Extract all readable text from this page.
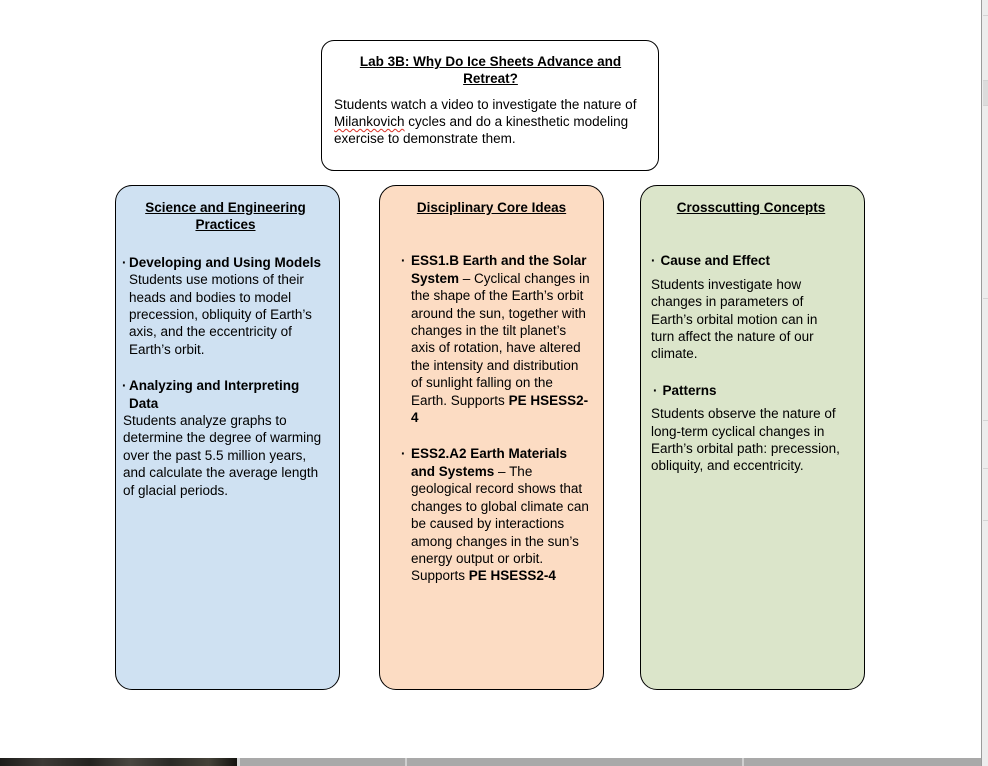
Lab 3B: Why Do Ice Sheets Advance and Retreat?
Students watch a video to investigate the nature of Milankovich cycles and do a kinesthetic modeling exercise to demonstrate them.
Science and Engineering Practices
· Developing and Using Models
Students use motions of their heads and bodies to model precession, obliquity of Earth’s axis, and the eccentricity of Earth’s orbit.
· Analyzing and Interpreting Data
Students analyze graphs to determine the degree of warming over the past 5.5 million years, and calculate the average length of glacial periods.
Disciplinary Core Ideas
· ESS1.B Earth and the Solar System – Cyclical changes in the shape of the Earth’s orbit around the sun, together with changes in the tilt planet’s axis of rotation, have altered the intensity and distribution of sunlight falling on the Earth. Supports PE HSESS2-4
· ESS2.A2 Earth Materials and Systems – The geological record shows that changes to global climate can be caused by interactions among changes in the sun’s energy output or orbit. Supports PE HSESS2-4
Crosscutting Concepts
· Cause and Effect
Students investigate how changes in parameters of Earth’s orbital motion can in turn affect the nature of our climate.
· Patterns
Students observe the nature of long-term cyclical changes in Earth’s orbital path: precession, obliquity, and eccentricity.
